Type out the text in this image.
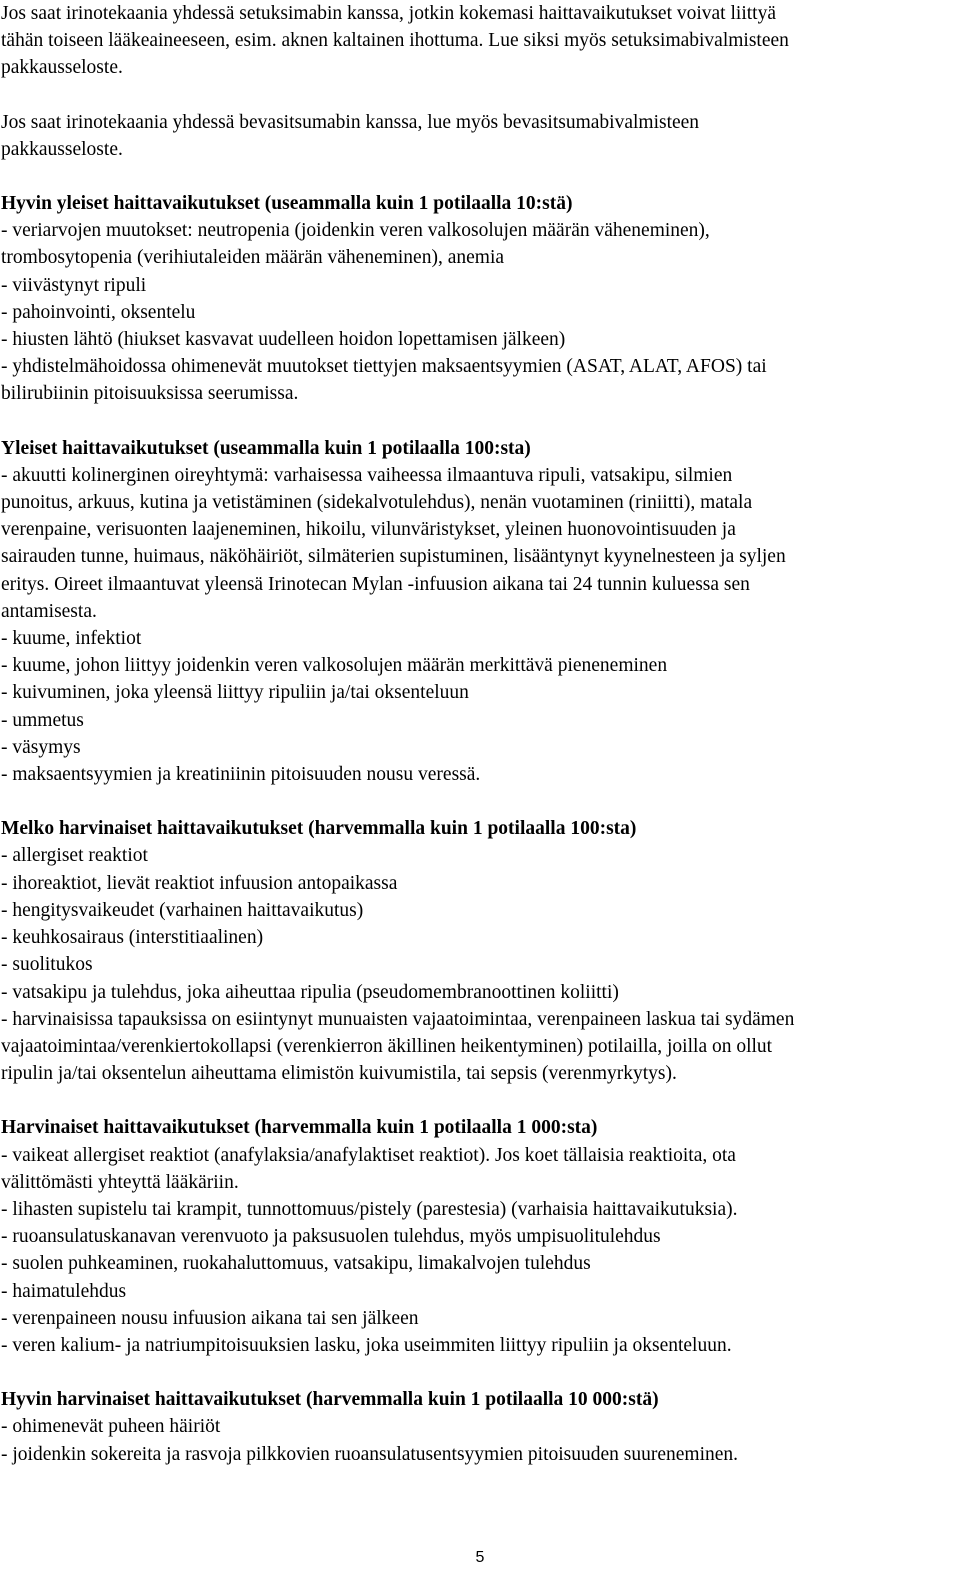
Jos saat irinotekaania yhdessä setuksimabin kanssa, jotkin kokemasi haittavaikutukset voivat liittyä
tähän toiseen lääkeaineeseen, esim. aknen kaltainen ihottuma. Lue siksi myös setuksimabivalmisteen
pakkausseloste.

Jos saat irinotekaania yhdessä bevasitsumabin kanssa, lue myös bevasitsumabivalmisteen
pakkausseloste.

Hyvin yleiset haittavaikutukset (useammalla kuin 1 potilaalla 10:stä)

- veriarvojen muutokset: neutropenia (joidenkin veren valkosolujen määrän väheneminen),
trombosytopenia (verihiutaleiden määrän väheneminen), anemia
- viivästynyt ripuli
- pahoinvointi, oksentelu
- hiusten lähtö (hiukset kasvavat uudelleen hoidon lopettamisen jälkeen)
- yhdistelmähoidossa ohimenevät muutokset tiettyjen maksaentsyymien (ASAT, ALAT, AFOS) tai
bilirubiinin pitoisuuksissa seerumissa.

Yleiset haittavaikutukset (useammalla kuin 1 potilaalla 100:sta)

- akuutti kolinerginen oireyhtymä: varhaisessa vaiheessa ilmaantuva ripuli, vatsakipu, silmien
punoitus, arkuus, kutina ja vetistäminen (sidekalvotulehdus), nenän vuotaminen (riniitti), matala
verenpaine, verisuonten laajeneminen, hikoilu, vilunväristykset, yleinen huonovointisuuden ja
sairauden tunne, huimaus, näköhäiriöt, silmäterien supistuminen, lisääntynyt kyynelnesteen ja syljen
eritys. Oireet ilmaantuvat yleensä Irinotecan Mylan -infuusion aikana tai 24 tunnin kuluessa sen
antamisesta.
- kuume, infektiot
- kuume, johon liittyy joidenkin veren valkosolujen määrän merkittävä pieneneminen
- kuivuminen, joka yleensä liittyy ripuliin ja/tai oksenteluun
- ummetus
- väsymys
- maksaentsyymien ja kreatiniinin pitoisuuden nousu veressä.

Melko harvinaiset haittavaikutukset (harvemmalla kuin 1 potilaalla 100:sta)

- allergiset reaktiot
- ihoreaktiot, lievät reaktiot infuusion antopaikassa
- hengitysvaikeudet (varhainen haittavaikutus)
- keuhkosairaus (interstitiaalinen)
- suolitukos
- vatsakipu ja tulehdus, joka aiheuttaa ripulia (pseudomembranoottinen koliitti)
- harvinaisissa tapauksissa on esiintynyt munuaisten vajaatoimintaa, verenpaineen laskua tai sydämen
vajaatoimintaa/verenkiertokollapsi (verenkierron äkillinen heikentyminen) potilailla, joilla on ollut
ripulin ja/tai oksentelun aiheuttama elimistön kuivumistila, tai sepsis (verenmyrkytys).

Harvinaiset haittavaikutukset (harvemmalla kuin 1 potilaalla 1 000:sta)

- vaikeat allergiset reaktiot (anafylaksia/anafylaktiset reaktiot). Jos koet tällaisia reaktioita, ota
välittömästi yhteyttä lääkäriin.
- lihasten supistelu tai krampit, tunnottomuus/pistely (parestesia) (varhaisia haittavaikutuksia).
- ruoansulatuskanavan verenvuoto ja paksusuolen tulehdus, myös umpisuolitulehdus
- suolen puhkeaminen, ruokahaluttomuus, vatsakipu, limakalvojen tulehdus
- haimatulehdus
- verenpaineen nousu infuusion aikana tai sen jälkeen
- veren kalium- ja natriumpitoisuuksien lasku, joka useimmiten liittyy ripuliin ja oksenteluun.

Hyvin harvinaiset haittavaikutukset (harvemmalla kuin 1 potilaalla 10 000:stä)

- ohimenevät puheen häiriöt
- joidenkin sokereita ja rasvoja pilkkovien ruoansulatusentsyymien pitoisuuden suureneminen.

5
